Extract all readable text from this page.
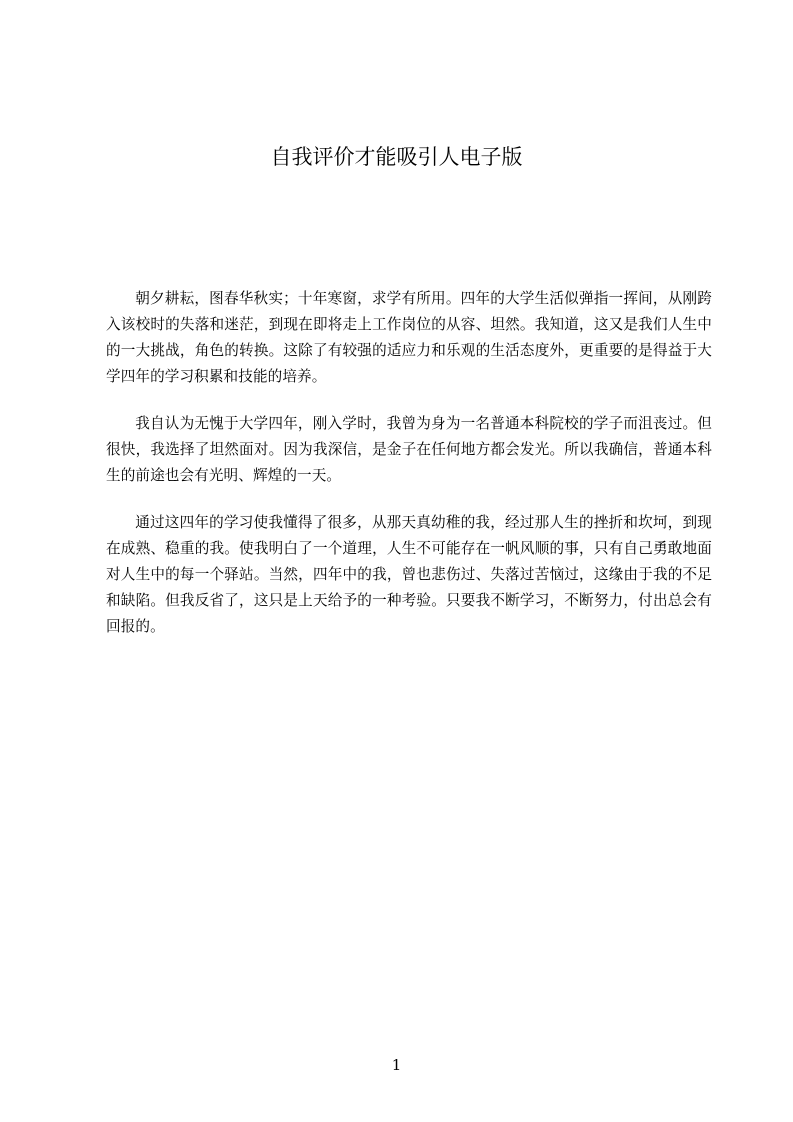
自我评价才能吸引人电子版

朝夕耕耘，图春华秋实；十年寒窗，求学有所用。四年的大学生活似弹指一挥间，从刚跨入该校时的失落和迷茫，到现在即将走上工作岗位的从容、坦然。我知道，这又是我们人生中的一大挑战，角色的转换。这除了有较强的适应力和乐观的生活态度外，更重要的是得益于大学四年的学习积累和技能的培养。

我自认为无愧于大学四年，刚入学时，我曾为身为一名普通本科院校的学子而沮丧过。但很快，我选择了坦然面对。因为我深信，是金子在任何地方都会发光。所以我确信，普通本科生的前途也会有光明、辉煌的一天。

通过这四年的学习使我懂得了很多，从那天真幼稚的我，经过那人生的挫折和坎坷，到现在成熟、稳重的我。使我明白了一个道理，人生不可能存在一帆风顺的事，只有自己勇敢地面对人生中的每一个驿站。当然，四年中的我，曾也悲伤过、失落过苦恼过，这缘由于我的不足和缺陷。但我反省了，这只是上天给予的一种考验。只要我不断学习，不断努力，付出总会有回报的。

1
